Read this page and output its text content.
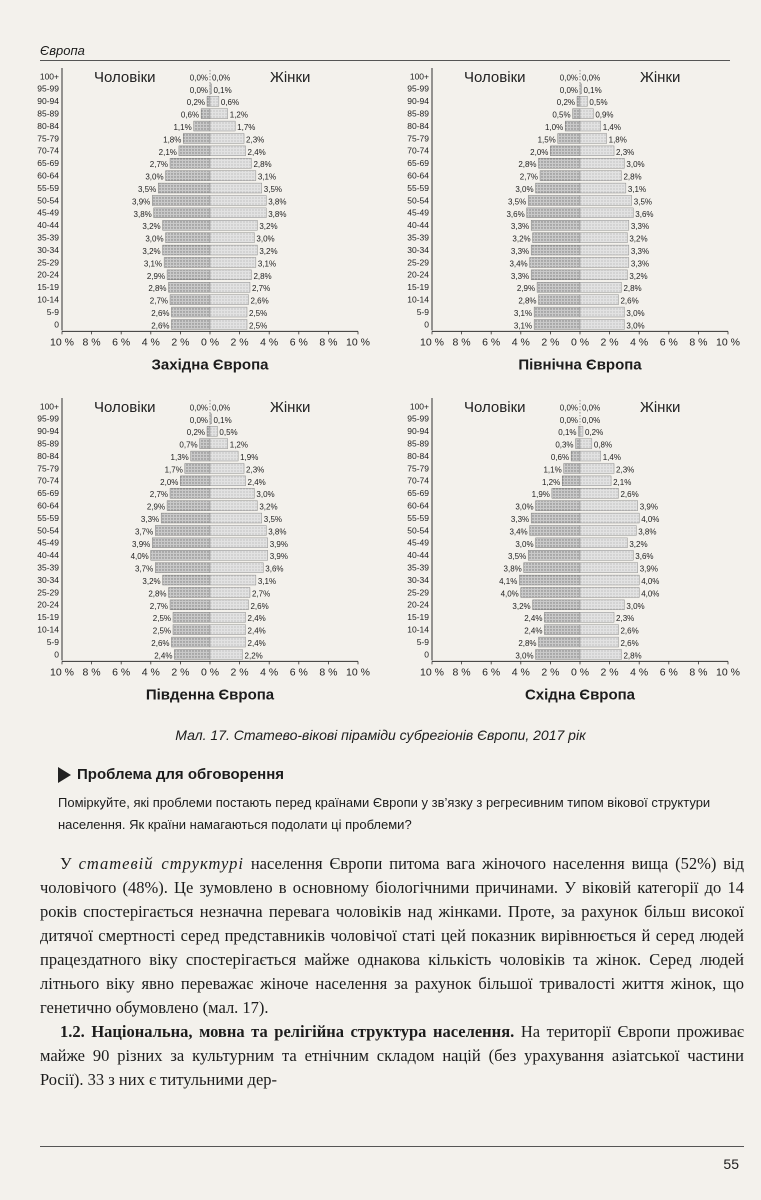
Європа
100+
95-99
90-94
85-89
80-84
75-79
70-74
65-69
60-64
55-59
50-54
45-49
40-44
35-39
30-34
25-29
20-24
15-19
10-14
5-9
0
0,0% 0,0%
0,0% 0,1%
0,2% 0,6%
0,6%	1,2%
1,1%	1,7%
1,8%	2,3%
2,1%	2,4%
2,7%	2,8%
3,0%	3,1%
3,5%	3,5%
3,9%	3,8%
3,8%	3,8%
3,2%	3,2%
3,0%	3,0%
3,2%	3,2%
3,1%	3,1%
2,9%	2,8%
2,8%	2,7%
2,7%	2,6%
2,6%	2,5%
2,6%	2,5%
10 % 8 % 6 % 4 % 2 % 0 % 2 % 4 % 6 % 8 % 10 %
Чоловіки	Жінки
Західна Європа
100+
95-99
90-94
85-89
80-84
75-79
70-74
65-69
60-64
55-59
50-54
45-49
40-44
35-39
30-34
25-29
20-24
15-19
10-14
5-9
0
0,0% 0,0%
0,0% 0,1%
0,2% 0,5%
0,5%	0,9%
1,0%	1,4%
1,5%	1,8%
2,0%	2,3%
2,8%	3,0%
2,7%	2,8%
3,0%	3,1%
3,5%	3,5%
3,6%	3,6%
3,3%	3,3%
3,2%	3,2%
3,3%	3,3%
3,4%	3,3%
3,3%	3,2%
2,9%	2,8%
2,8%	2,6%
3,1%	3,0%
3,1%	3,0%
10 % 8 % 6 % 4 % 2 % 0 % 2 % 4 % 6 % 8 % 10 %
Чоловіки	Жінки
Північна Європа
100+
95-99
90-94
85-89
80-84
75-79
70-74
65-69
60-64
55-59
50-54
45-49
40-44
35-39
30-34
25-29
20-24
15-19
10-14
5-9
0
0,0% 0,0%
0,0% 0,1%
0,2% 0,5%
0,7%	1,2%
1,3%	1,9%
1,7%	2,3%
2,0%	2,4%
2,7%	3,0%
2,9%	3,2%
3,3%	3,5%
3,7%	3,8%
3,9%	3,9%
4,0%	3,9%
3,7%	3,6%
3,2%	3,1%
2,8%	2,7%
2,7%	2,6%
2,5%	2,4%
2,5%	2,4%
2,6%	2,4%
2,4%	2,2%
10 % 8 % 6 % 4 % 2 % 0 % 2 % 4 % 6 % 8 % 10 %
Чоловіки	Жінки
Південна Європа
100+
95-99
90-94
85-89
80-84
75-79
70-74
65-69
60-64
55-59
50-54
45-49
40-44
35-39
30-34
25-29
20-24
15-19
10-14
5-9
0
0,0% 0,0%
0,0% 0,0%
0,1% 0,2%
0,3%	0,8%
0,6%	1,4%
1,1%	2,3%
1,2%	2,1%
1,9%	2,6%
3,0%	3,9%
3,3%	4,0%
3,4%	3,8%
3,0%	3,2%
3,5%	3,6%
3,8%	3,9%
4,1%	4,0%
4,0%	4,0%
3,2%	3,0%
2,4%	2,3%
2,4%	2,6%
2,8%	2,6%
3,0%	2,8%
10 % 8 % 6 % 4 % 2 % 0 % 2 % 4 % 6 % 8 % 10 %
Чоловіки	Жінки
Східна Європа
Мал. 17. Статево-вікові піраміди субрегіонів Європи, 2017 рік
Проблема для обговорення
Поміркуйте, які проблеми постають перед країнами Європи у зв’язку з регресивним типом вікової структури населення. Як країни намагаються подолати ці проблеми?

У статевій структурі населення Європи питома вага жіночого населення вища (52%) від чоловічого (48%). Це зумовлено в основному біологічними причинами. У віковій категорії до 14 років спостерігається незначна перевага чоловіків над жінками. Проте, за рахунок більш високої дитячої смертності серед представників чоловічої статі цей показник вирівнюється й серед людей працездатного віку спостерігається майже однакова кількість чоловіків та жінок. Серед людей літнього віку явно переважає жіноче населення за рахунок більшої тривалості життя жінок, що генетично обумовлено (мал. 17).

1.2. Національна, мовна та релігійна структура населення. На території Європи проживає майже 90 різних за культурним та етнічним складом націй (без урахування азіатської частини Росії). 33 з них є титульними дер-

55
